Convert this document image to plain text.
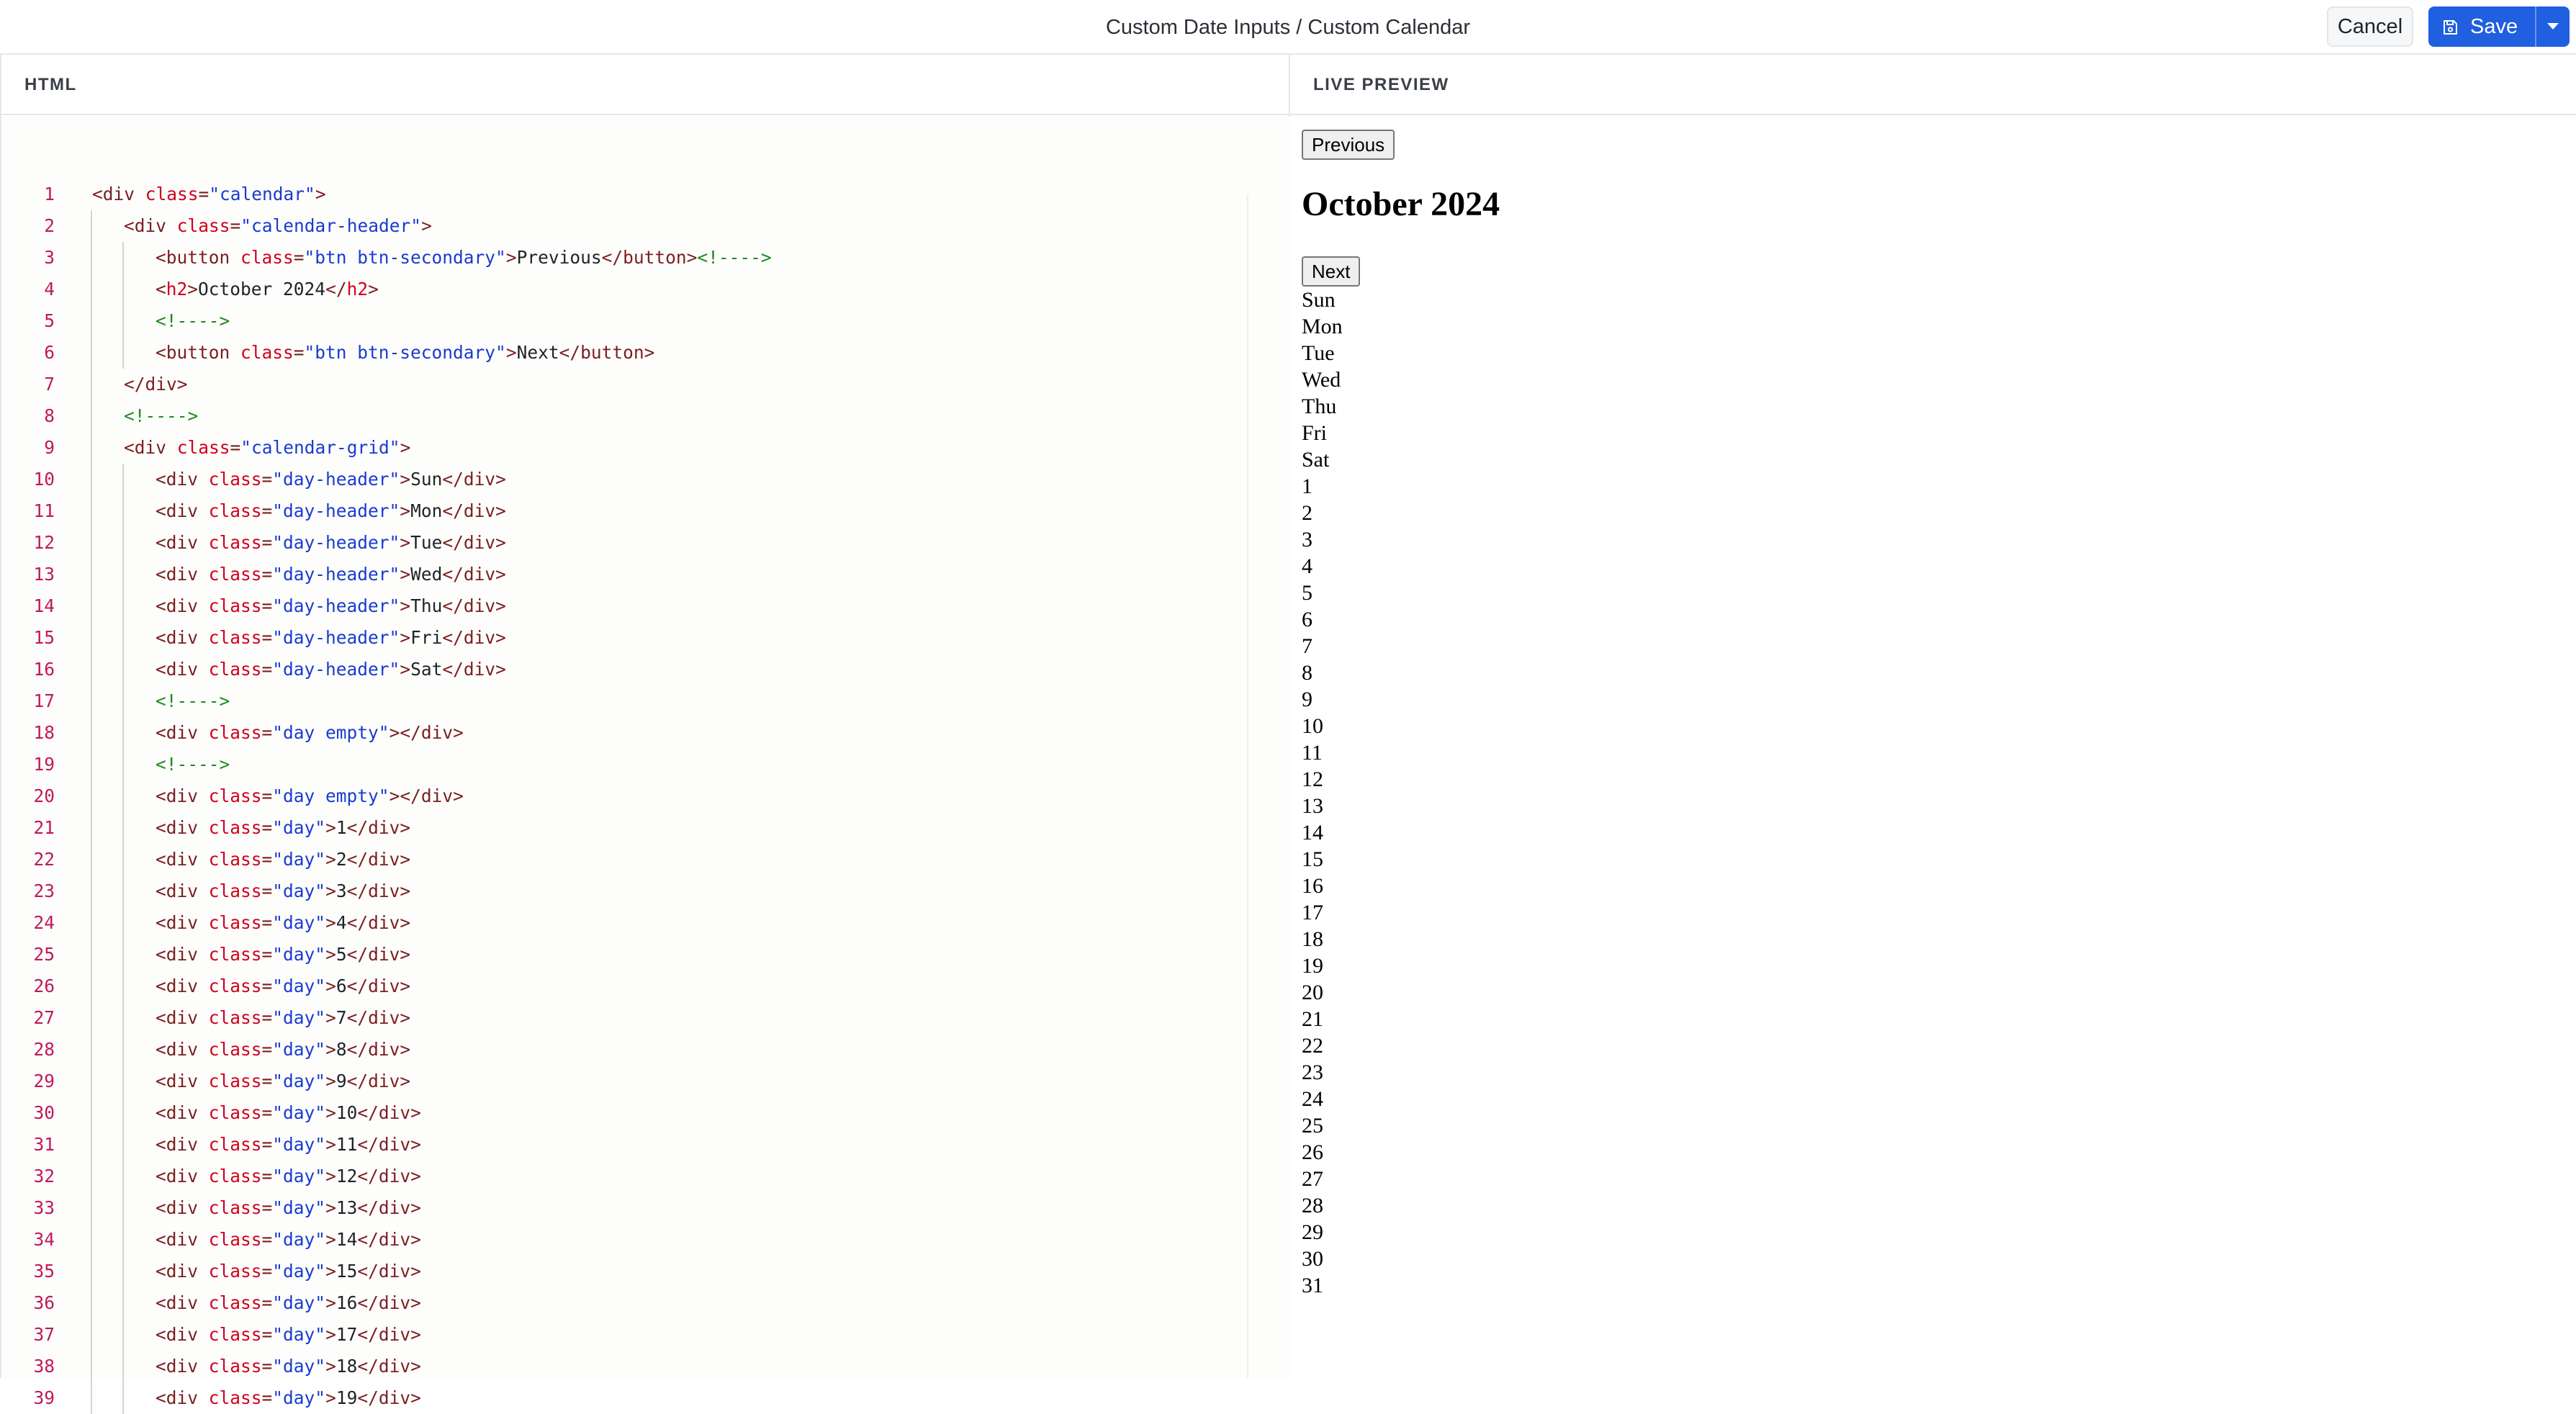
Custom Date Inputs / Custom Calendar	Cancel	Save
HTML
1 <div class="calendar">
2	<div class="calendar-header">
3	<button class="btn btn-secondary">Previous</button><!---->
4	<h2>October 2024</h2>
5	<!---->
6	<button class="btn btn-secondary">Next</button>
7	</div>
8	<!---->
9	<div class="calendar-grid">
10	<div class="day-header">Sun</div>
11	<div class="day-header">Mon</div>
12	<div class="day-header">Tue</div>
13	<div class="day-header">Wed</div>
14	<div class="day-header">Thu</div>
15	<div class="day-header">Fri</div>
16	<div class="day-header">Sat</div>
17	<!---->
18	<div class="day empty"></div>
19	<!---->
20	<div class="day empty"></div>
21	<div class="day">1</div>
22	<div class="day">2</div>
23	<div class="day">3</div>
24	<div class="day">4</div>
25	<div class="day">5</div>
26	<div class="day">6</div>
27	<div class="day">7</div>
28	<div class="day">8</div>
29	<div class="day">9</div>
30	<div class="day">10</div>
31	<div class="day">11</div>
32	<div class="day">12</div>
33	<div class="day">13</div>
34	<div class="day">14</div>
35	<div class="day">15</div>
36	<div class="day">16</div>
37	<div class="day">17</div>
38	<div class="day">18</div>
39	<div class="day">19</div>
LIVE PREVIEW
Previous
October 2024
Next
Sun
Mon
Tue
Wed
Thu
Fri
Sat
1
2
3
4
5
6
7
8
9
10
11
12
13
14
15
16
17
18
19
20
21
22
23
24
25
26
27
28
29
30
31
